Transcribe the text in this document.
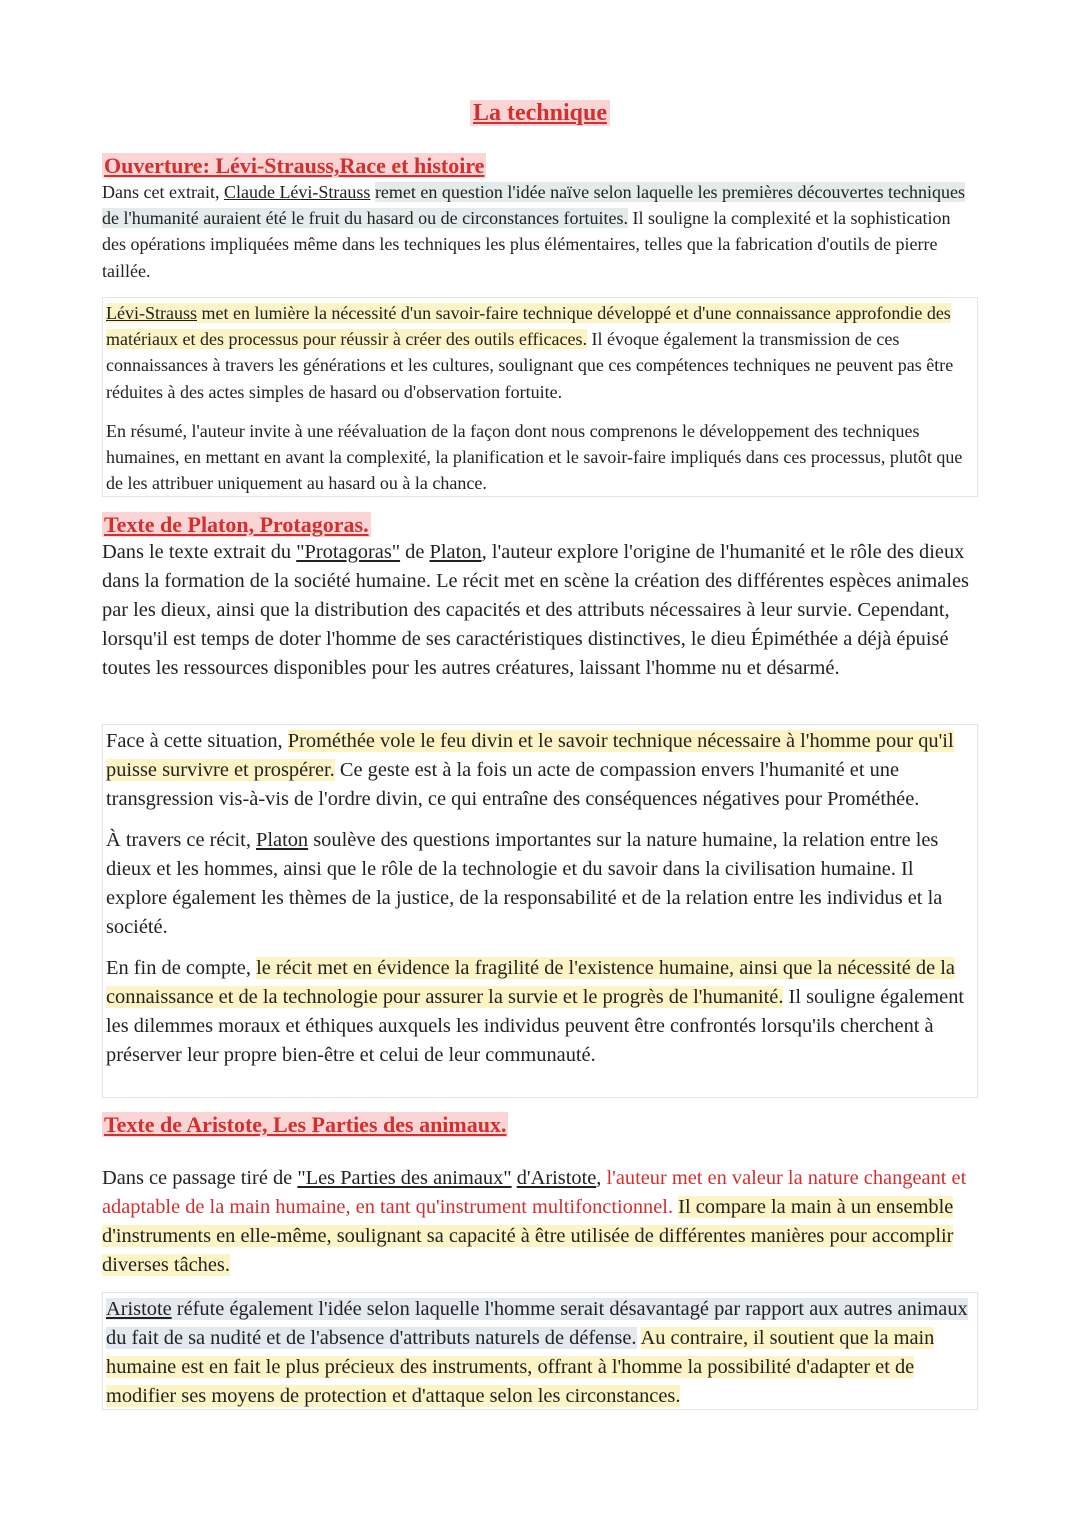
La technique
Ouverture: Lévi-Strauss,Race et histoire

Dans cet extrait, Claude Lévi-Strauss remet en question l'idée naïve selon laquelle les premières découvertes techniques de l'humanité auraient été le fruit du hasard ou de circonstances fortuites. Il souligne la complexité et la sophistication des opérations impliquées même dans les techniques les plus élémentaires, telles que la fabrication d'outils de pierre taillée.

Lévi-Strauss met en lumière la nécessité d'un savoir-faire technique développé et d'une connaissance approfondie des matériaux et des processus pour réussir à créer des outils efficaces. Il évoque également la transmission de ces connaissances à travers les générations et les cultures, soulignant que ces compétences techniques ne peuvent pas être réduites à des actes simples de hasard ou d'observation fortuite.

En résumé, l'auteur invite à une réévaluation de la façon dont nous comprenons le développement des techniques humaines, en mettant en avant la complexité, la planification et le savoir-faire impliqués dans ces processus, plutôt que de les attribuer uniquement au hasard ou à la chance.

Texte de Platon, Protagoras.

Dans le texte extrait du "Protagoras" de Platon, l'auteur explore l'origine de l'humanité et le rôle des dieux dans la formation de la société humaine. Le récit met en scène la création des différentes espèces animales par les dieux, ainsi que la distribution des capacités et des attributs nécessaires à leur survie. Cependant, lorsqu'il est temps de doter l'homme de ses caractéristiques distinctives, le dieu Épiméthée a déjà épuisé toutes les ressources disponibles pour les autres créatures, laissant l'homme nu et désarmé.

Face à cette situation, Prométhée vole le feu divin et le savoir technique nécessaire à l'homme pour qu'il puisse survivre et prospérer. Ce geste est à la fois un acte de compassion envers l'humanité et une transgression vis-à-vis de l'ordre divin, ce qui entraîne des conséquences négatives pour Prométhée.

À travers ce récit, Platon soulève des questions importantes sur la nature humaine, la relation entre les dieux et les hommes, ainsi que le rôle de la technologie et du savoir dans la civilisation humaine. Il explore également les thèmes de la justice, de la responsabilité et de la relation entre les individus et la société.

En fin de compte, le récit met en évidence la fragilité de l'existence humaine, ainsi que la nécessité de la connaissance et de la technologie pour assurer la survie et le progrès de l'humanité. Il souligne également les dilemmes moraux et éthiques auxquels les individus peuvent être confrontés lorsqu'ils cherchent à préserver leur propre bien-être et celui de leur communauté.

Texte de Aristote, Les Parties des animaux.

Dans ce passage tiré de "Les Parties des animaux" d'Aristote, l'auteur met en valeur la nature changeant et adaptable de la main humaine, en tant qu'instrument multifonctionnel. Il compare la main à un ensemble d'instruments en elle-même, soulignant sa capacité à être utilisée de différentes manières pour accomplir diverses tâches.

Aristote réfute également l'idée selon laquelle l'homme serait désavantagé par rapport aux autres animaux du fait de sa nudité et de l'absence d'attributs naturels de défense. Au contraire, il soutient que la main humaine est en fait le plus précieux des instruments, offrant à l'homme la possibilité d'adapter et de modifier ses moyens de protection et d'attaque selon les circonstances.
